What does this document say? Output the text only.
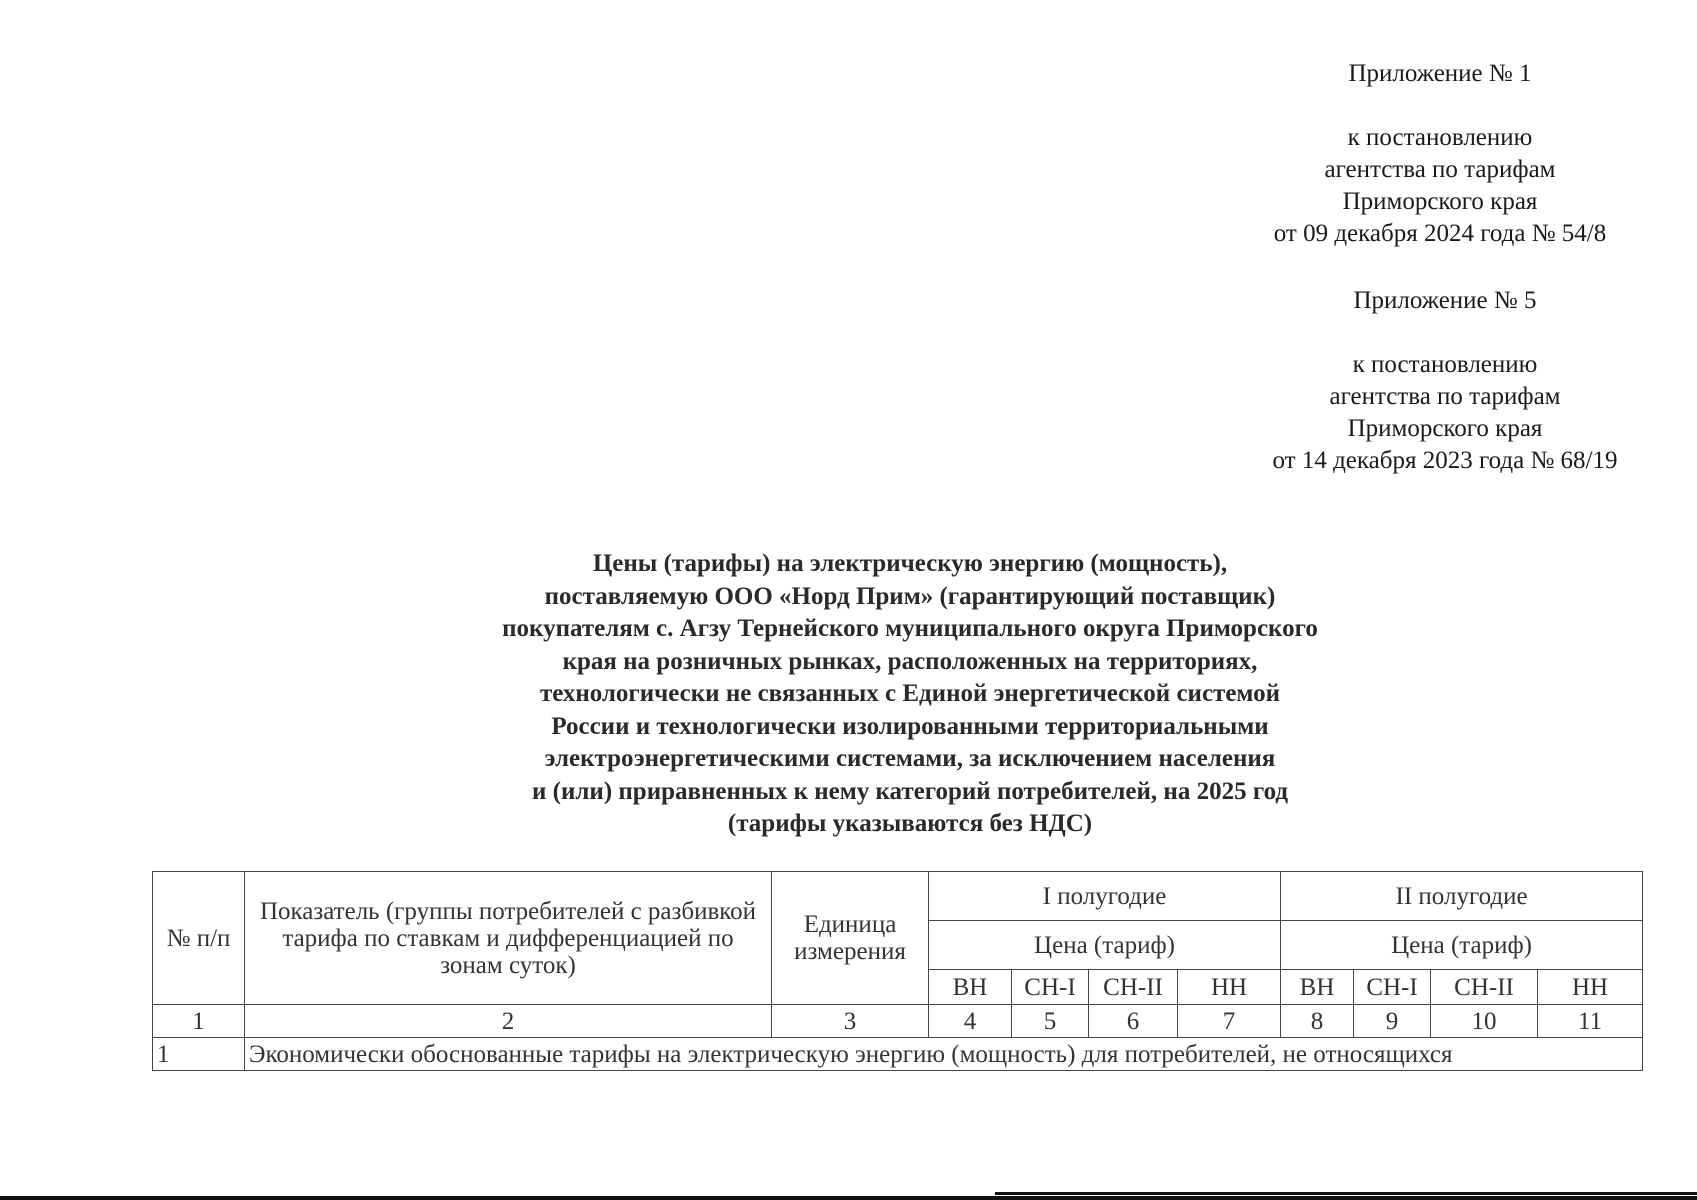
Приложение № 1
к постановлению
агентства по тарифам
Приморского края
от 09 декабря 2024 года № 54/8
Приложение № 5
к постановлению
агентства по тарифам
Приморского края
от 14 декабря 2023 года № 68/19
Цены (тарифы) на электрическую энергию (мощность),
поставляемую ООО «Норд Прим» (гарантирующий поставщик)
покупателям с. Агзу Тернейского муниципального округа Приморского
края на розничных рынках, расположенных на территориях,
технологически не связанных с Единой энергетической системой
России и технологически изолированными территориальными
электроэнергетическими системами, за исключением населения
и (или) приравненных к нему категорий потребителей, на 2025 год
(тарифы указываются без НДС)
№ п/п	Показатель (группы потребителей с разбивкой тарифа по ставкам и дифференциацией по зонам суток)	Единица измерения	I полугодие				II полугодие			
			Цена (тариф)				Цена (тариф)			
			ВН	СН-I	СН-II	НН	ВН	СН-I	СН-II	НН
1	2	3	4	5	6	7	8	9	10	11
1	Экономически обоснованные тарифы на электрическую энергию (мощность) для потребителей, не относящихся									
